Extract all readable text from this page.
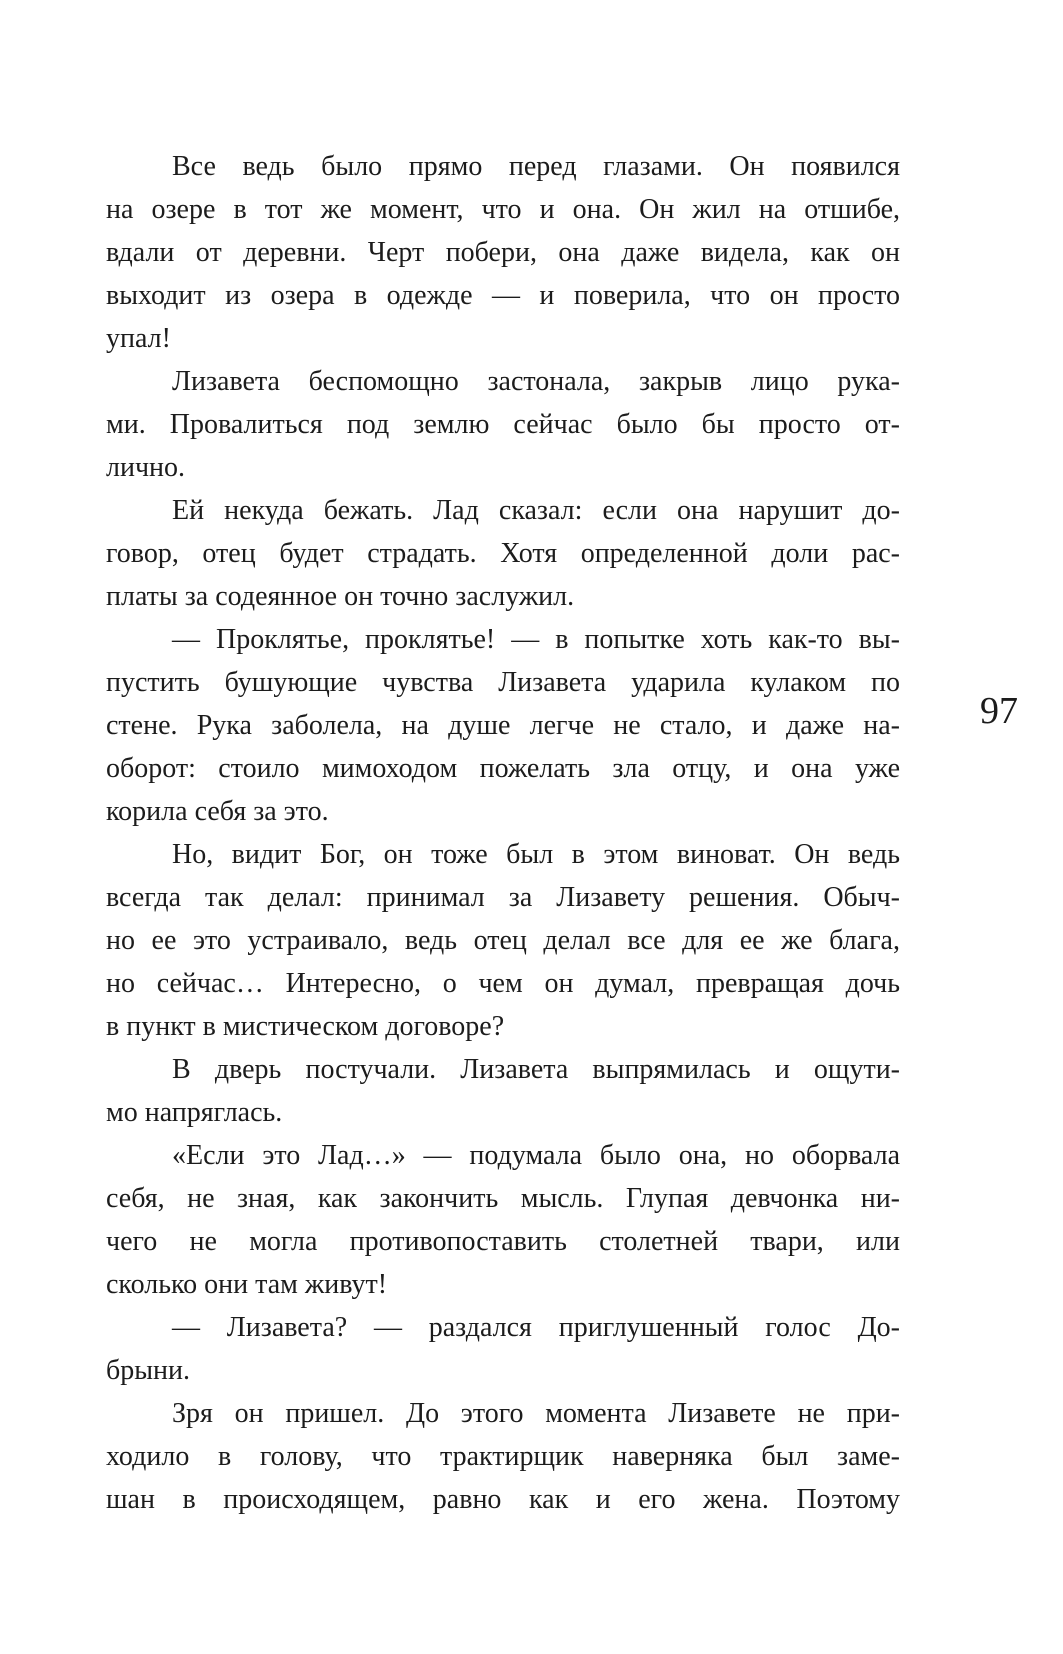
Все ведь было прямо перед глазами. Он появился
на озере в тот же момент, что и она. Он жил на отшибе,
вдали от деревни. Черт побери, она даже видела, как он
выходит из озера в одежде — и поверила, что он просто
упал!
Лизавета беспомощно застонала, закрыв лицо рука-
ми. Провалиться под землю сейчас было бы просто от-
лично.
Ей некуда бежать. Лад сказал: если она нарушит до-
говор, отец будет страдать. Хотя определенной доли рас-
платы за содеянное он точно заслужил.
— Проклятье, проклятье! — в попытке хоть как-то вы-
пустить бушующие чувства Лизавета ударила кулаком по
стене. Рука заболела, на душе легче не стало, и даже на-
оборот: стоило мимоходом пожелать зла отцу, и она уже
корила себя за это.
Но, видит Бог, он тоже был в этом виноват. Он ведь
всегда так делал: принимал за Лизавету решения. Обыч-
но ее это устраивало, ведь отец делал все для ее же блага,
но сейчас… Интересно, о чем он думал, превращая дочь
в пункт в мистическом договоре?
В дверь постучали. Лизавета выпрямилась и ощути-
мо напряглась.
«Если это Лад…» — подумала было она, но оборвала
себя, не зная, как закончить мысль. Глупая девчонка ни-
чего не могла противопоставить столетней твари, или
сколько они там живут!
— Лизавета? — раздался приглушенный голос До-
брыни.
Зря он пришел. До этого момента Лизавете не при-
ходило в голову, что трактирщик наверняка был заме-
шан в происходящем, равно как и его жена. Поэтому
97
